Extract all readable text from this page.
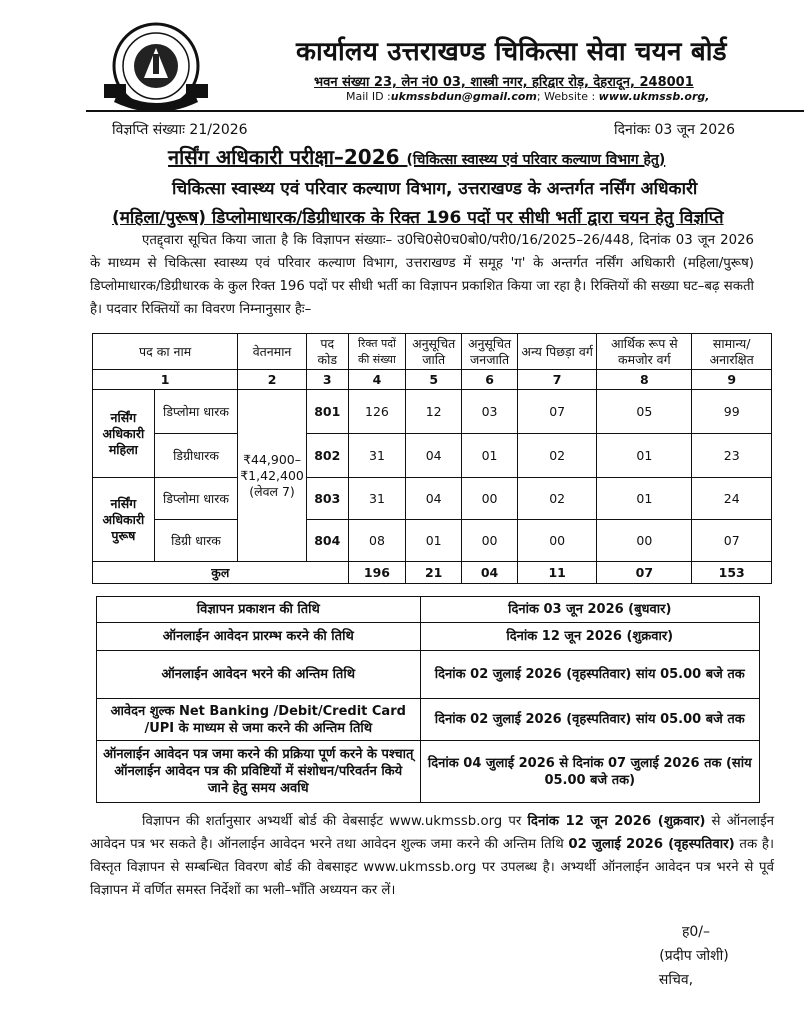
कार्यालय उत्तराखण्ड चिकित्सा सेवा चयन बोर्ड
भवन संख्या 23, लेन नं0 03, शास्त्री नगर, हरिद्वार रोड़, देहरादून, 248001
Mail ID :ukmssbdun@gmail.com; Website : www.ukmssb.org,
विज्ञप्ति संख्याः 21/2026	दिनांकः 03 जून 2026
नर्सिंग अधिकारी परीक्षा–2026 (चिकित्सा स्वास्थ्य एवं परिवार कल्याण विभाग हेतु)
चिकित्सा स्वास्थ्य एवं परिवार कल्याण विभाग, उत्तराखण्ड के अन्तर्गत नर्सिंग अधिकारी
(महिला/पुरूष) डिप्लोमाधारक/डिग्रीधारक के रिक्त 196 पदों पर सीधी भर्ती द्वारा चयन हेतु विज्ञप्ति
एतद्द्वारा सूचित किया जाता है कि विज्ञापन संख्याः– उ0चि0से0च0बो0/परी0/16/2025–26/448, दिनांक 03 जून 2026 के माध्यम से चिकित्सा स्वास्थ्य एवं परिवार कल्याण विभाग, उत्तराखण्ड में समूह 'ग' के अन्तर्गत नर्सिंग अधिकारी (महिला/पुरूष) डिप्लोमाधारक/डिग्रीधारक के कुल रिक्त 196 पदों पर सीधी भर्ती का विज्ञापन प्रकाशित किया जा रहा है। रिक्तियों की सख्या घट–बढ़ सकती है। पदवार रिक्तियों का विवरण निम्नानुसार हैः–
पद का नाम		वेतनमान	पद कोड	रिक्त पदों की संख्या	अनुसूचित जाति	अनुसूचित जनजाति	अन्य पिछड़ा वर्ग	आर्थिक रूप से कमजोर वर्ग	सामान्य/ अनारक्षित
1		2	3	4	5	6	7	8	9
नर्सिंग अधिकारी महिला	डिप्लोमा धारक	₹44,900– ₹1,42,400 (लेवल 7)	801	126	12	03	07	05	99
	डिग्रीधारक		802	31	04	01	02	01	23
नर्सिंग अधिकारी पुरूष	डिप्लोमा धारक		803	31	04	00	02	01	24
	डिग्री धारक		804	08	01	00	00	00	07
कुल				196	21	04	11	07	153
विज्ञापन प्रकाशन की तिथि	दिनांक 03 जून 2026 (बुधवार)
ऑनलाईन आवेदन प्रारम्भ करने की तिथि	दिनांक 12 जून 2026 (शुक्रवार)
ऑनलाईन आवेदन भरने की अन्तिम तिथि	दिनांक 02 जुलाई 2026 (वृहस्पतिवार) सांय 05.00 बजे तक
आवेदन शुल्क Net Banking /Debit/Credit Card /UPI के माध्यम से जमा करने की अन्तिम तिथि	दिनांक 02 जुलाई 2026 (वृहस्पतिवार) सांय 05.00 बजे तक
ऑनलाईन आवेदन पत्र जमा करने की प्रक्रिया पूर्ण करने के पश्चात् ऑनलाईन आवेदन पत्र की प्रविष्टियों में संशोधन/परिवर्तन किये जाने हेतु समय अवधि	दिनांक 04 जुलाई 2026 से दिनांक 07 जुलाई 2026 तक (सांय 05.00 बजे तक)
विज्ञापन की शर्तानुसार अभ्यर्थी बोर्ड की वेबसाईट www.ukmssb.org पर दिनांक 12 जून 2026 (शुक्रवार) से ऑनलाईन आवेदन पत्र भर सकते है। ऑनलाईन आवेदन भरने तथा आवेदन शुल्क जमा करने की अन्तिम तिथि 02 जुलाई 2026 (वृहस्पतिवार) तक है। विस्तृत विज्ञापन से सम्बन्धित विवरण बोर्ड की वेबसाइट www.ukmssb.org पर उपलब्ध है। अभ्यर्थी ऑनलाईन आवेदन पत्र भरने से पूर्व विज्ञापन में वर्णित समस्त निर्देशों का भली–भाँति अध्ययन कर लें।
ह0/–
(प्रदीप जोशी)
सचिव,
